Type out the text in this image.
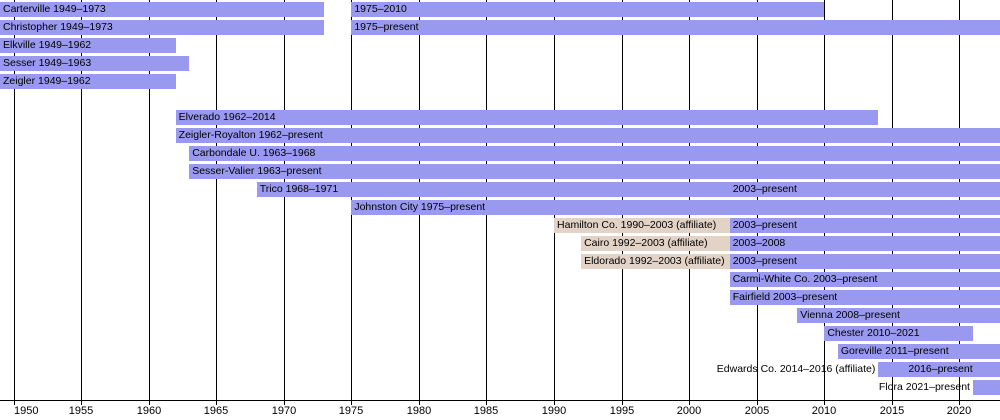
Carterville 1949–1973	1975–2010
Christopher 1949–1973	1975–present
Elkville 1949–1962
Sesser 1949–1963
Zeigler 1949–1962
Elverado 1962–2014
Zeigler-Royalton 1962–present
Carbondale U. 1963–1968
Sesser-Valier 1963–present
Trico 1968–1971	2003–present
Johnston City 1975–present
Hamilton Co. 1990–2003 (affiliate) 2003–present
Cairo 1992–2003 (affiliate) 2003–2008
Eldorado 1992–2003 (affiliate) 2003–present
Carmi-White Co. 2003–present
Fairfield 2003–present
Vienna 2008–present
Chester 2010–2021
Goreville 2011–present
Edwards Co. 2014–2016 (affiliate)	2016–present
Flora 2021–present
1950	1955	1960	1965	1970	1975	1980	1985	1990	1995	2000	2005	2010	2015	2020
